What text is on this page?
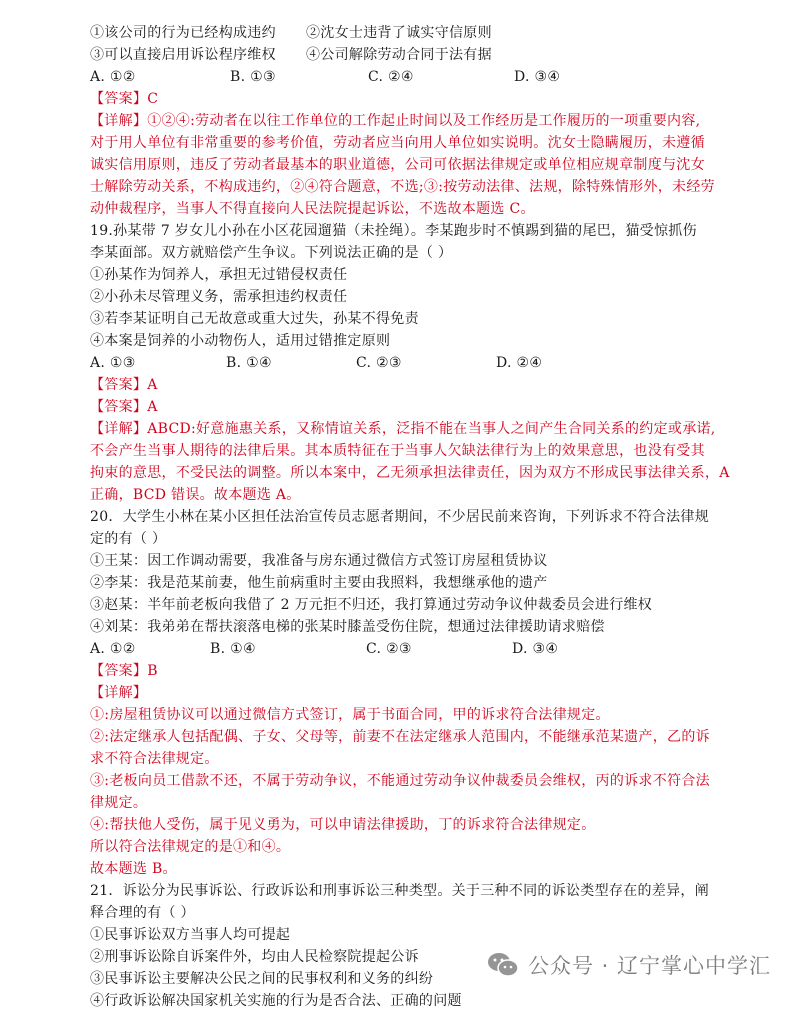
①该公司的行为已经构成违约	②沈女士违背了诚实守信原则
③可以直接启用诉讼程序维权	④公司解除劳动合同于法有据
A. ①②	B. ①③	C. ②④	D. ③④
【答案】C
【详解】①②④:劳动者在以往工作单位的工作起止时间以及工作经历是工作履历的一项重要内容,
对于用人单位有非常重要的参考价值，劳动者应当向用人单位如实说明。沈女士隐瞒履历，未遵循
诚实信用原则，违反了劳动者最基本的职业道德，公司可依据法律规定或单位相应规章制度与沈女
士解除劳动关系，不构成违约，②④符合题意，不选;③:按劳动法律、法规，除特殊情形外，未经劳
动仲裁程序，当事人不得直接向人民法院提起诉讼，不选故本题选 C。
19.孙某带 7 岁女儿小孙在小区花园遛猫（未拴绳）。李某跑步时不慎踢到猫的尾巴，猫受惊抓伤
李某面部。双方就赔偿产生争议。下列说法正确的是（ ）
①孙某作为饲养人，承担无过错侵权责任
②小孙未尽管理义务，需承担违约权责任
③若李某证明自己无故意或重大过失，孙某不得免责
④本案是饲养的小动物伤人，适用过错推定原则
A. ①③	B. ①④	C. ②③	D. ②④
【答案】A
【答案】A
【详解】ABCD:好意施惠关系，又称情谊关系，泛指不能在当事人之间产生合同关系的约定或承诺,
不会产生当事人期待的法律后果。其本质特征在于当事人欠缺法律行为上的效果意思，也没有受其
拘束的意思，不受民法的调整。所以本案中，乙无须承担法律责任，因为双方不形成民事法律关系，A
正确，BCD 错误。故本题选 A。
20．大学生小林在某小区担任法治宣传员志愿者期间，不少居民前来咨询，下列诉求不符合法律规
定的有（ ）
①王某：因工作调动需要，我准备与房东通过微信方式签订房屋租赁协议
②李某：我是范某前妻，他生前病重时主要由我照料，我想继承他的遗产
③赵某：半年前老板向我借了 2 万元拒不归还，我打算通过劳动争议仲裁委员会进行维权
④刘某：我弟弟在帮扶滚落电梯的张某时膝盖受伤住院，想通过法律援助请求赔偿
A. ①②	B. ①④	C. ②③	D. ③④
【答案】B
【详解】
①:房屋租赁协议可以通过微信方式签订，属于书面合同，甲的诉求符合法律规定。
②:法定继承人包括配偶、子女、父母等，前妻不在法定继承人范围内，不能继承范某遗产，乙的诉
求不符合法律规定。
③:老板向员工借款不还，不属于劳动争议，不能通过劳动争议仲裁委员会维权，丙的诉求不符合法
律规定。
④:帮扶他人受伤，属于见义勇为，可以申请法律援助，丁的诉求符合法律规定。
所以符合法律规定的是①和④。
故本题选 B。
21．诉讼分为民事诉讼、行政诉讼和刑事诉讼三种类型。关于三种不同的诉讼类型存在的差异，阐
释合理的有（ ）
①民事诉讼双方当事人均可提起
②刑事诉讼除自诉案件外，均由人民检察院提起公诉
③民事诉讼主要解决公民之间的民事权利和义务的纠纷
④行政诉讼解决国家机关实施的行为是否合法、正确的问题
公众号 · 辽宁掌心中学汇
